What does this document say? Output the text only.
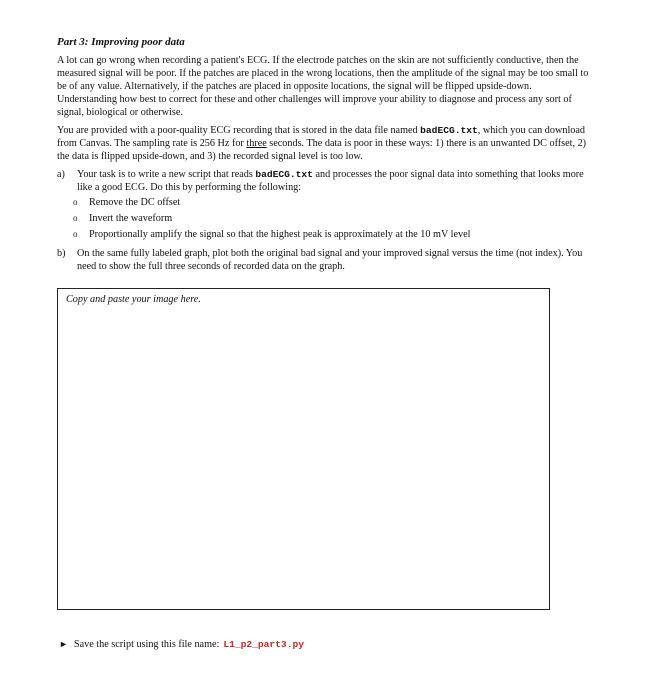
Part 3: Improving poor data

A lot can go wrong when recording a patient's ECG. If the electrode patches on the skin are not sufficiently conductive, then the measured signal will be poor. If the patches are placed in the wrong locations, then the amplitude of the signal may be too small to be of any value. Alternatively, if the patches are placed in opposite locations, the signal will be flipped upside-down. Understanding how best to correct for these and other challenges will improve your ability to diagnose and process any sort of signal, biological or otherwise.

You are provided with a poor-quality ECG recording that is stored in the data file named badECG.txt, which you can download from Canvas. The sampling rate is 256 Hz for three seconds. The data is poor in these ways: 1) there is an unwanted DC offset, 2) the data is flipped upside-down, and 3) the recorded signal level is too low.

a)	Your task is to write a new script that reads badECG.txt and processes the poor signal data into something that looks more like a good ECG. Do this by performing the following:
o	Remove the DC offset
o	Invert the waveform
o	Proportionally amplify the signal so that the highest peak is approximately at the 10 mV level
b)	On the same fully labeled graph, plot both the original bad signal and your improved signal versus the time (not index). You need to show the full three seconds of recorded data on the graph.
Copy and paste your image here.
► Save the script using this file name: L1_p2_part3.py
